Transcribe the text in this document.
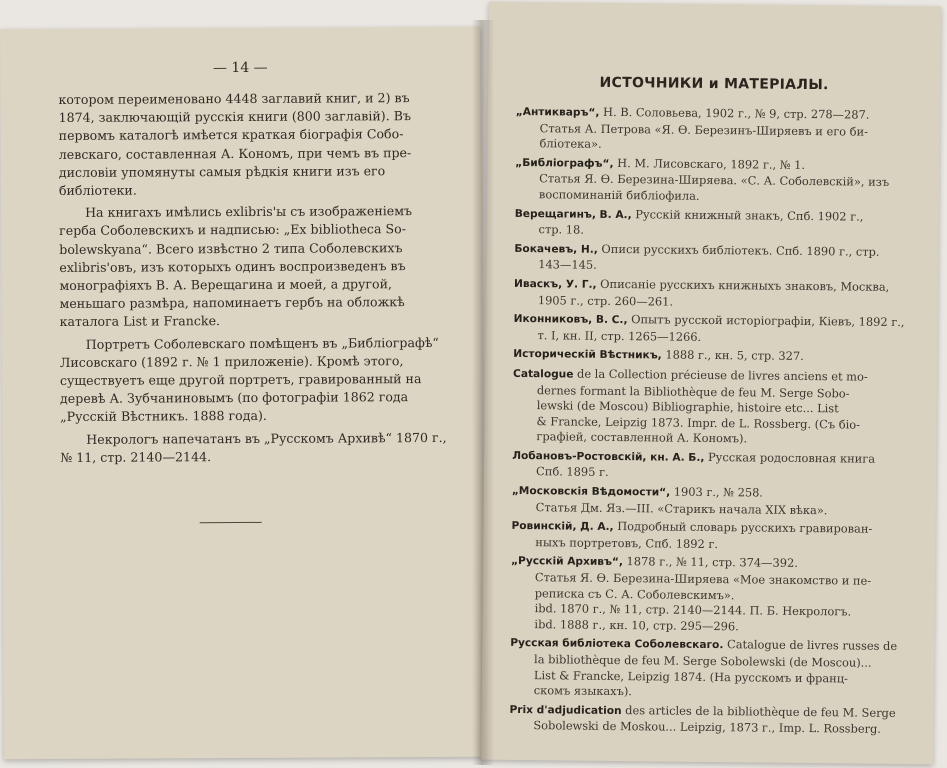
— 14 —

котором переименовано 4448 заглавий книг, и 2) въ
1874, заключающій русскія книги (800 заглавій). Въ
первомъ каталогѣ имѣется краткая біографія Cобо-
левскаго, составленная А. Кономъ, при чемъ въ пре-
дисловіи упомянуты самыя рѣдкія книги изъ его
библіотеки.

На книгахъ имѣлись exlibris'ы съ изображеніемъ
герба Соболевскихъ и надписью: „Ex bibliotheca So-
bolewskyana“. Всего извѣстно 2 типа Соболевскихъ
exlibris'овъ, изъ которыхъ одинъ воспроизведенъ въ
монографіяхъ В. А. Верещагина и моей, а другой,
меньшаго размѣра, напоминаетъ гербъ на обложкѣ
каталога List и Francke.

Портретъ Соболевскаго помѣщенъ въ „Библіографѣ“
Лисовскаго (1892 г. № 1 приложеніе). Кромѣ этого,
существуетъ еще другой портретъ, гравированный на
деревѣ А. Зубчаниновымъ (по фотографіи 1862 года
„Русскій Вѣстникъ. 1888 года).

Некрологъ напечатанъ въ „Русскомъ Архивѣ“ 1870 г.,
№ 11, стр. 2140—2144.

ИСТОЧНИКИ и МАТЕРIАЛЫ.
„Антикваръ“, Н. В. Соловьева, 1902 г., № 9, стр. 278—287.
Статья А. Петрова «Я. Ѳ. Березинъ-Ширяевъ и его би-
бліотека».
„Библіографъ“, Н. М. Лисовскаго, 1892 г., № 1.
Статья Я. Ѳ. Березина-Ширяева. «С. А. Соболевскій», изъ
воспоминаній библіофила.
Верещагинъ, В. А., Русскій книжный знакъ, Спб. 1902 г.,
стр. 18.
Бокачевъ, Н., Описи русскихъ библіотекъ. Спб. 1890 г., стр.
143—145.
Иваскъ, У. Г., Описаніе русскихъ книжныхъ знаковъ, Москва,
1905 г., стр. 260—261.
Иконниковъ, В. С., Опытъ русской исторіографіи, Кіевъ, 1892 г.,
т. I, кн. II, стр. 1265—1266.
Историческій Вѣстникъ, 1888 г., кн. 5, стр. 327.
Catalogue de la Collection précieuse de livres anciens et mo-
dernes formant la Bibliothèque de feu M. Serge Sobo-
lewski (de Moscou) Bibliographie, histoire etc... List
& Francke, Leipzig 1873. Impr. de L. Rossberg. (Съ біо-
графіей, составленной А. Кономъ).
Лобановъ-Ростовскій, кн. А. Б., Русская родословная книга
Спб. 1895 г.
„Московскія Вѣдомости“, 1903 г., № 258.
Статья Дм. Яз.—III. «Старикъ начала XIX вѣка».
Ровинскій, Д. А., Подробный словарь русскихъ гравирован-
ныхъ портретовъ, Спб. 1892 г.
„Русскій Архивъ“, 1878 г., № 11, стр. 374—392.
Статья Я. Ѳ. Березина-Ширяева «Мое знакомство и пе-
реписка съ С. А. Соболевскимъ».
ibd. 1870 г., № 11, стр. 2140—2144. П. Б. Некрологъ.
ibd. 1888 г., кн. 10, стр. 295—296.
Русская библіотека Соболевскаго. Catalogue de livres russes de
la bibliothèque de feu M. Serge Sobolewski (de Moscou)...
List & Francke, Leipzig 1874. (На русскомъ и франц-
скомъ языкахъ).
Prix d'adjudication des articles de la bibliothèque de feu M. Serge
Sobolewski de Moskou... Leipzig, 1873 г., Imp. L. Rossberg.
